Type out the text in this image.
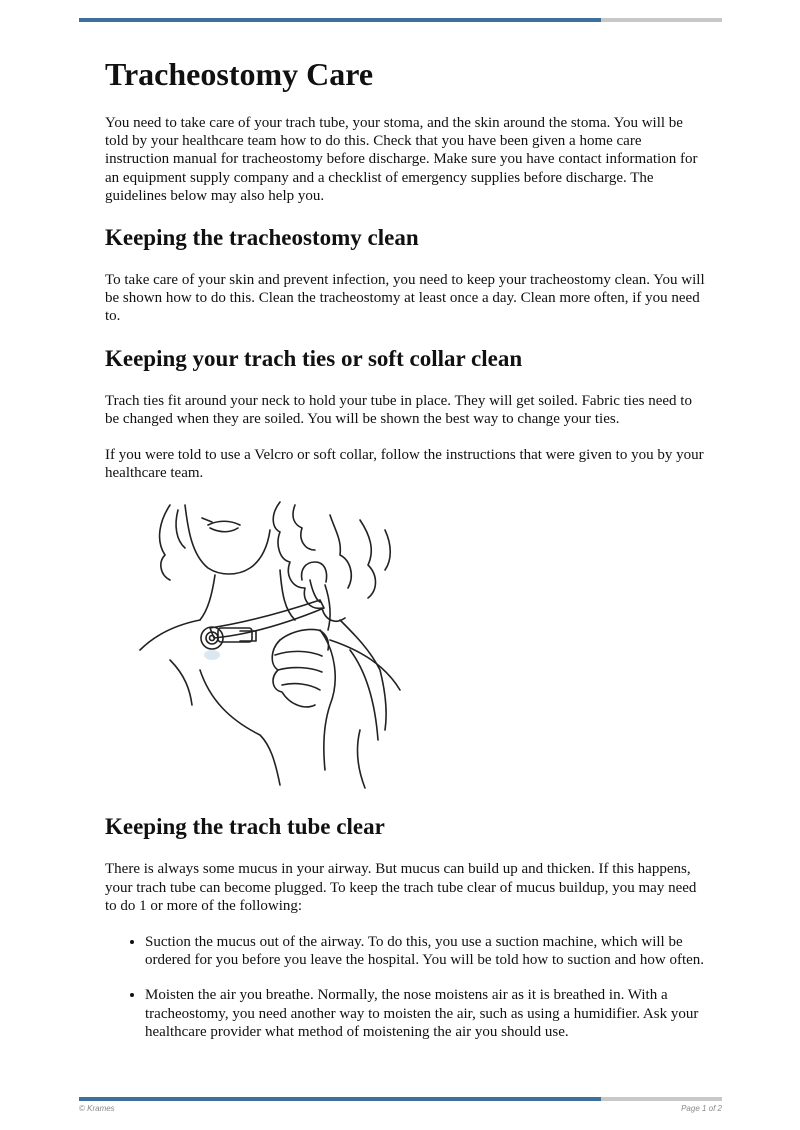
Tracheostomy Care

You need to take care of your trach tube, your stoma, and the skin around the stoma. You will be told by your healthcare team how to do this. Check that you have been given a home care instruction manual for tracheostomy before discharge. Make sure you have contact information for an equipment supply company and a checklist of emergency supplies before discharge. The guidelines below may also help you.

Keeping the tracheostomy clean

To take care of your skin and prevent infection, you need to keep your tracheostomy clean. You will be shown how to do this. Clean the tracheostomy at least once a day. Clean more often, if you need to.

Keeping your trach ties or soft collar clean

Trach ties fit around your neck to hold your tube in place. They will get soiled. Fabric ties need to be changed when they are soiled. You will be shown the best way to change your ties.

If you were told to use a Velcro or soft collar, follow the instructions that were given to you by your healthcare team.

Keeping the trach tube clear

There is always some mucus in your airway. But mucus can build up and thicken. If this happens, your trach tube can become plugged. To keep the trach tube clear of mucus buildup, you may need to do 1 or more of the following:

• Suction the mucus out of the airway. To do this, you use a suction machine, which will be ordered for you before you leave the hospital. You will be told how to suction and how often.
• Moisten the air you breathe. Normally, the nose moistens air as it is breathed in. With a tracheostomy, you need another way to moisten the air, such as using a humidifier. Ask your healthcare provider what method of moistening the air you should use.
© Krames	Page 1 of 2
